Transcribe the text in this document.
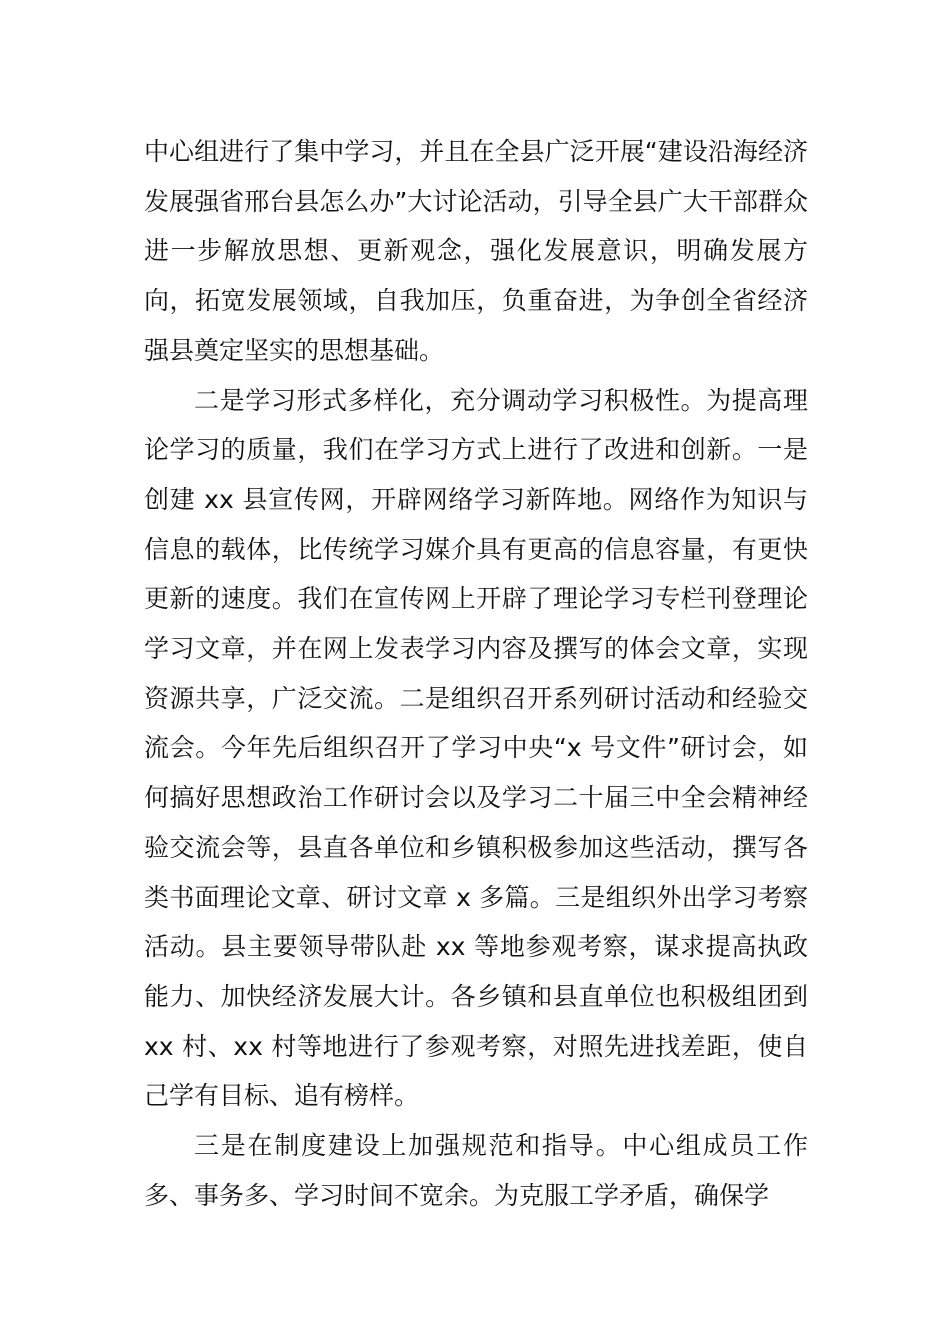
中心组进行了集中学习，并且在全县广泛开展“建设沿海经济发展强省邢台县怎么办”大讨论活动，引导全县广大干部群众进一步解放思想、更新观念，强化发展意识，明确发展方向，拓宽发展领域，自我加压，负重奋进，为争创全省经济强县奠定坚实的思想基础。

二是学习形式多样化，充分调动学习积极性。为提高理论学习的质量，我们在学习方式上进行了改进和创新。一是创建 xx 县宣传网，开辟网络学习新阵地。网络作为知识与信息的载体，比传统学习媒介具有更高的信息容量，有更快更新的速度。我们在宣传网上开辟了理论学习专栏刊登理论学习文章，并在网上发表学习内容及撰写的体会文章，实现资源共享，广泛交流。二是组织召开系列研讨活动和经验交流会。今年先后组织召开了学习中央“x 号文件”研讨会，如何搞好思想政治工作研讨会以及学习二十届三中全会精神经验交流会等，县直各单位和乡镇积极参加这些活动，撰写各类书面理论文章、研讨文章 x 多篇。三是组织外出学习考察活动。县主要领导带队赴 xx 等地参观考察，谋求提高执政能力、加快经济发展大计。各乡镇和县直单位也积极组团到 xx 村、xx 村等地进行了参观考察，对照先进找差距，使自己学有目标、追有榜样。

三是在制度建设上加强规范和指导。中心组成员工作多、事务多、学习时间不宽余。为克服工学矛盾，确保学
